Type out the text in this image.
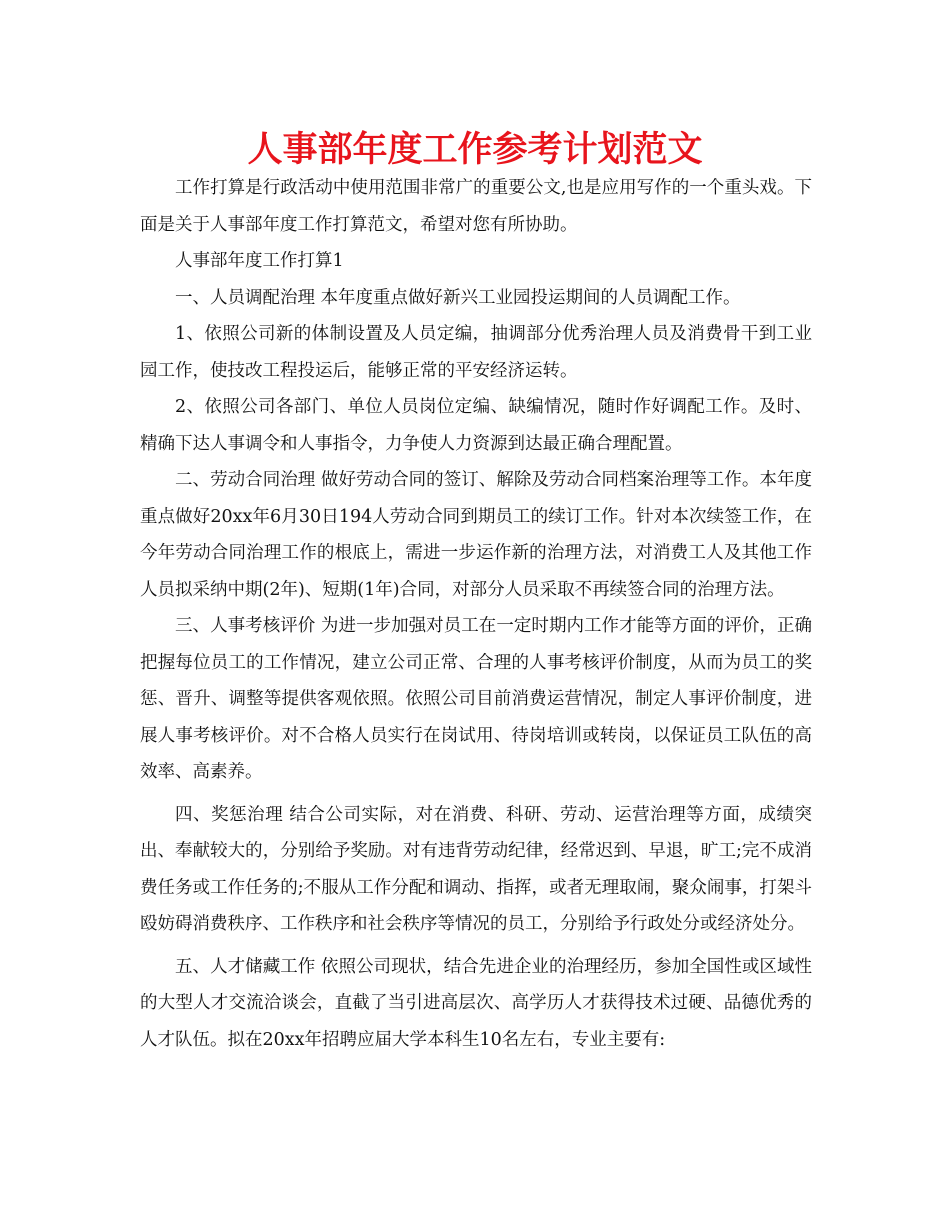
人事部年度工作参考计划范文

工作打算是行政活动中使用范围非常广的重要公文,也是应用写作的一个重头戏。下面是关于人事部年度工作打算范文，希望对您有所协助。

人事部年度工作打算1

一、人员调配治理 本年度重点做好新兴工业园投运期间的人员调配工作。

1、依照公司新的体制设置及人员定编，抽调部分优秀治理人员及消费骨干到工业园工作，使技改工程投运后，能够正常的平安经济运转。

2、依照公司各部门、单位人员岗位定编、缺编情况，随时作好调配工作。及时、精确下达人事调令和人事指令，力争使人力资源到达最正确合理配置。

二、劳动合同治理 做好劳动合同的签订、解除及劳动合同档案治理等工作。本年度重点做好20xx年6月30日194人劳动合同到期员工的续订工作。针对本次续签工作，在今年劳动合同治理工作的根底上，需进一步运作新的治理方法，对消费工人及其他工作人员拟采纳中期(2年)、短期(1年)合同，对部分人员采取不再续签合同的治理方法。

三、人事考核评价 为进一步加强对员工在一定时期内工作才能等方面的评价，正确把握每位员工的工作情况，建立公司正常、合理的人事考核评价制度，从而为员工的奖惩、晋升、调整等提供客观依照。依照公司目前消费运营情况，制定人事评价制度，进展人事考核评价。对不合格人员实行在岗试用、待岗培训或转岗，以保证员工队伍的高效率、高素养。

四、奖惩治理 结合公司实际，对在消费、科研、劳动、运营治理等方面，成绩突出、奉献较大的，分别给予奖励。对有违背劳动纪律，经常迟到、早退，旷工;完不成消费任务或工作任务的;不服从工作分配和调动、指挥，或者无理取闹，聚众闹事，打架斗殴妨碍消费秩序、工作秩序和社会秩序等情况的员工，分别给予行政处分或经济处分。

五、人才储藏工作 依照公司现状，结合先进企业的治理经历，参加全国性或区域性的大型人才交流洽谈会，直截了当引进高层次、高学历人才获得技术过硬、品德优秀的人才队伍。拟在20xx年招聘应届大学本科生10名左右，专业主要有:
